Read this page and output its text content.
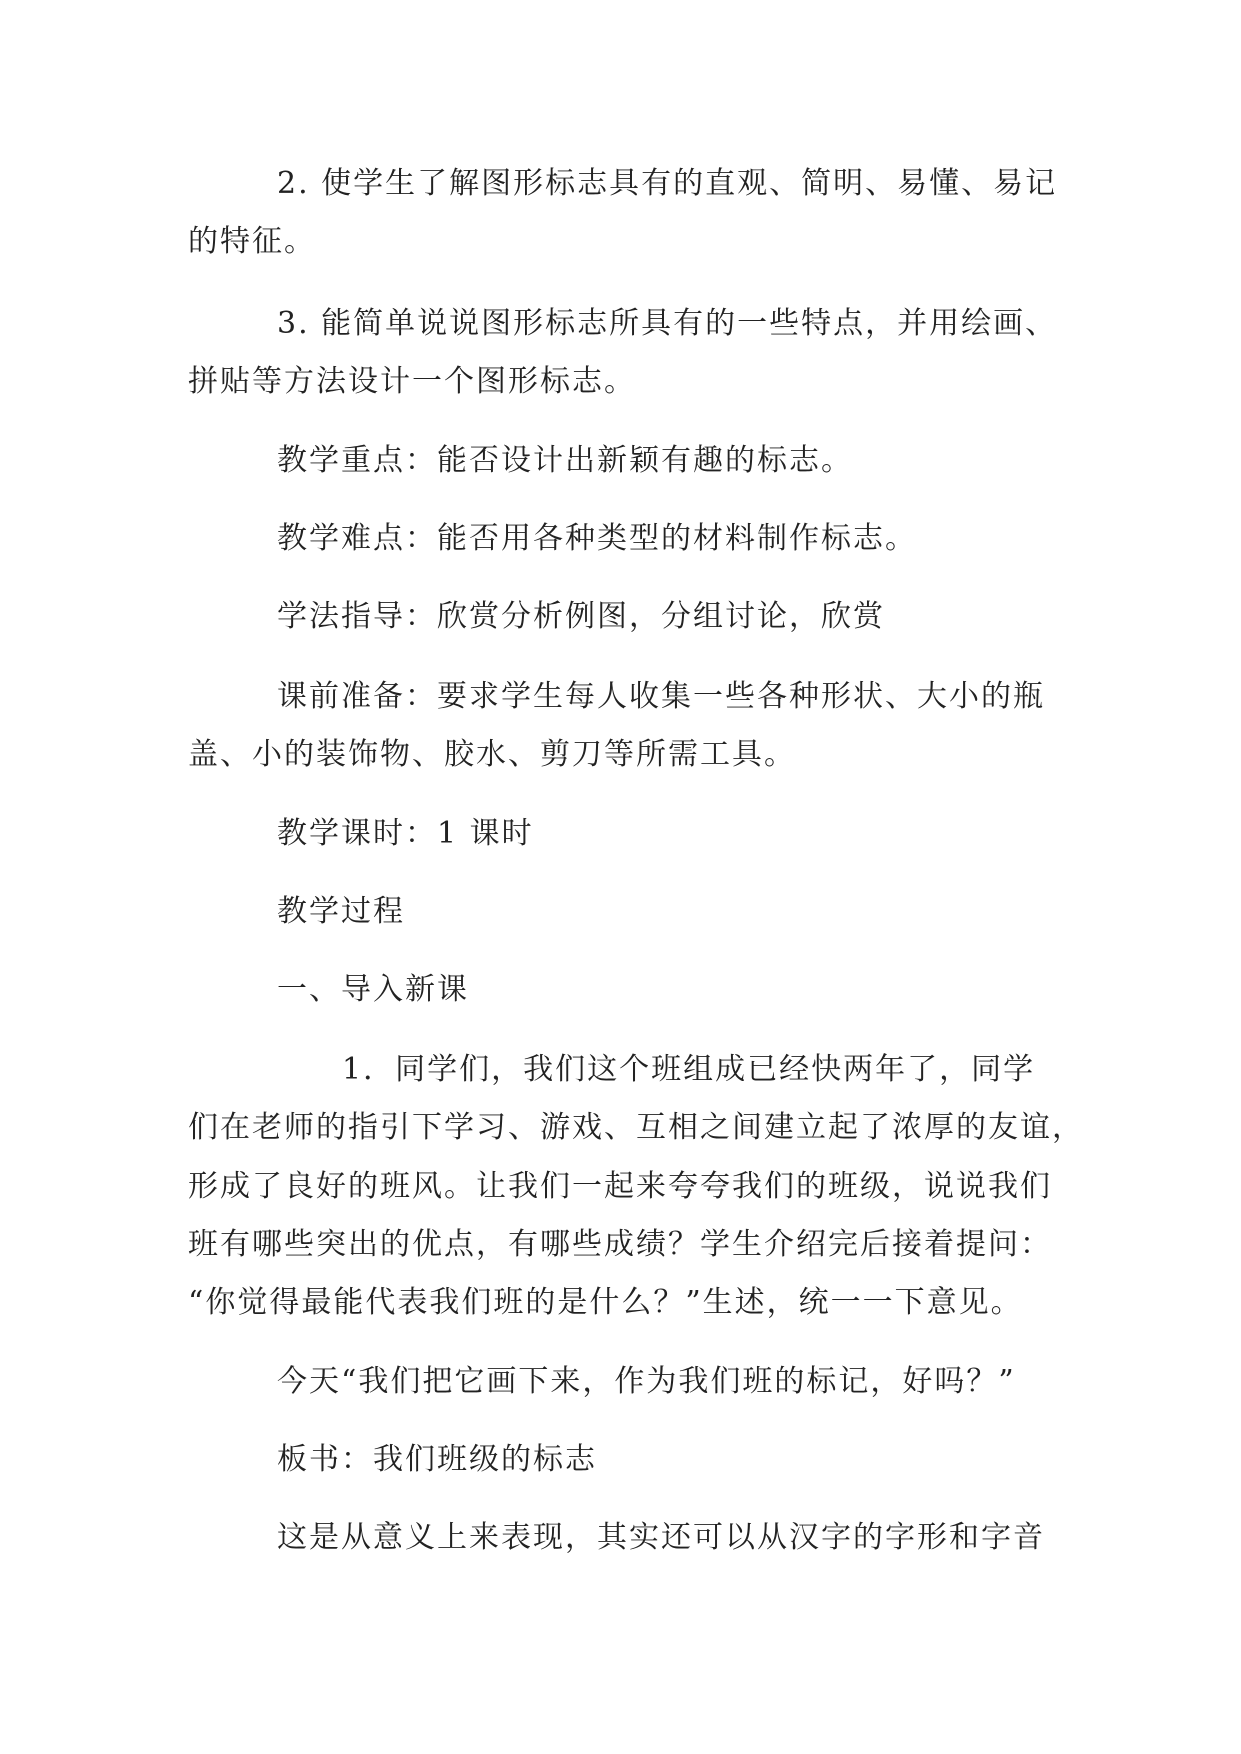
2. 使学生了解图形标志具有的直观、简明、易懂、易记
的特征。
3. 能简单说说图形标志所具有的一些特点，并用绘画、
拼贴等方法设计一个图形标志。
教学重点：能否设计出新颖有趣的标志。
教学难点：能否用各种类型的材料制作标志。
学法指导：欣赏分析例图，分组讨论，欣赏
课前准备：要求学生每人收集一些各种形状、大小的瓶
盖、小的装饰物、胶水、剪刀等所需工具。
教学课时：1 课时
教学过程
一、导入新课
1．同学们，我们这个班组成已经快两年了，同学
们在老师的指引下学习、游戏、互相之间建立起了浓厚的友谊，
形成了良好的班风。让我们一起来夸夸我们的班级，说说我们
班有哪些突出的优点，有哪些成绩？学生介绍完后接着提问：
“你觉得最能代表我们班的是什么？”生述，统一一下意见。
今天“我们把它画下来，作为我们班的标记，好吗？”
板书：我们班级的标志
这是从意义上来表现，其实还可以从汉字的字形和字音
